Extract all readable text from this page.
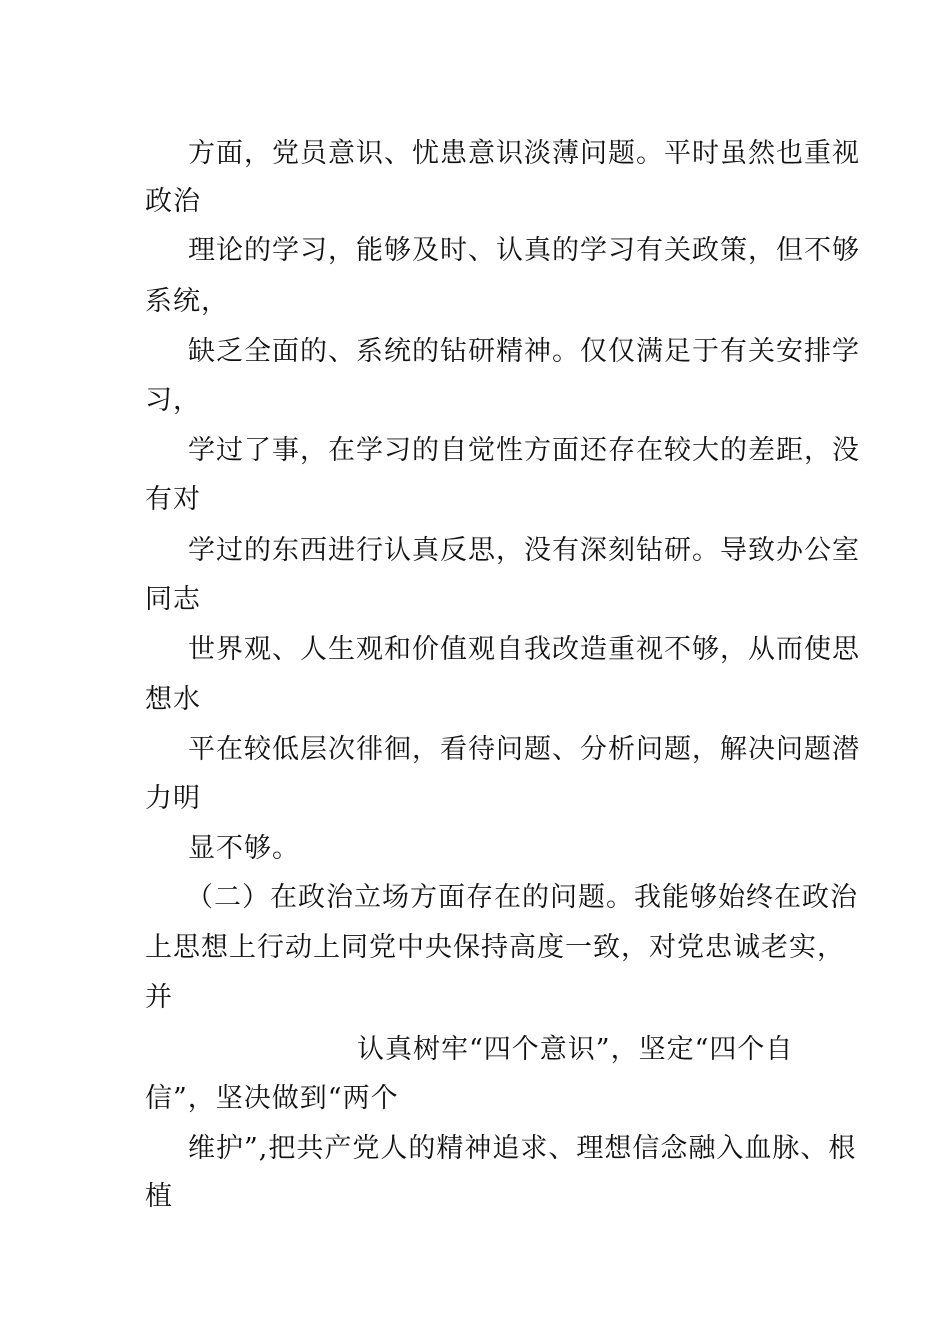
方面，党员意识、忧患意识淡薄问题。平时虽然也重视
政治
理论的学习，能够及时、认真的学习有关政策，但不够
系统，
缺乏全面的、系统的钻研精神。仅仅满足于有关安排学
习，
学过了事，在学习的自觉性方面还存在较大的差距，没
有对
学过的东西进行认真反思，没有深刻钻研。导致办公室
同志
世界观、人生观和价值观自我改造重视不够，从而使思
想水
平在较低层次徘徊，看待问题、分析问题，解决问题潜
力明
显不够。
（二）在政治立场方面存在的问题。我能够始终在政治
上思想上行动上同党中央保持高度一致，对党忠诚老实，
并
认真树牢“四个意识”，坚定“四个自
信”，坚决做到“两个
维护”,把共产党人的精神追求、理想信念融入血脉、根
植
